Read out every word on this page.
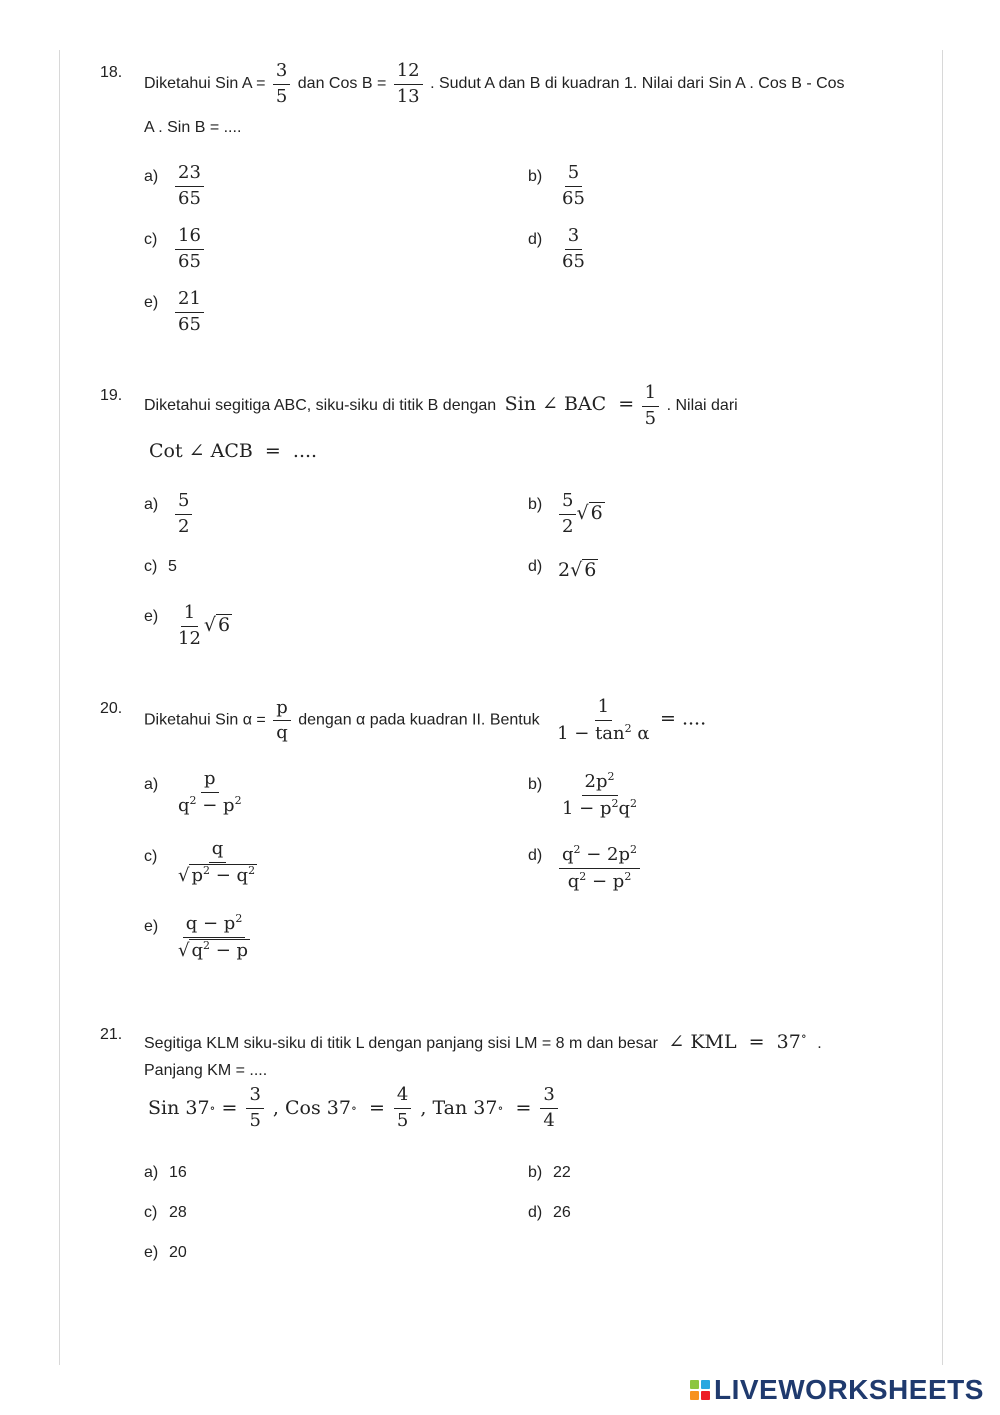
18.
Diketahui Sin $A = \frac{3}{5}$ dan Cos $B = \frac{12}{13}$ . Sudut A dan B di kuadran 1. Nilai dari Sin A . Cos B - Cos
A . Sin B = ....
$a) \frac{23}{65}$	$b) \frac{5}{65}$
$c) \frac{16}{65}$	$d) \frac{3}{65}$
$e) \frac{21}{65}$
19.
Diketahui segitiga ABC, siku-siku di titik B dengan Sin ∠ BAC  = $\frac{1}{5}$ . Nilai dari
Cot ∠ ACB  =  ....
$a) \frac{5}{2}$	$b) \frac{5}{2}$ √ 6
c) 5	d) 2 √ 6
$e) \frac{1}{12}$ √ 6
20.
Diketahui Sin $\alpha = \frac{p}{q}$ dengan α pada kuadran II. Bentuk $\frac{1}{1 - \tan^2 \alpha}$ = ....
$a) \frac{p}{q^2 - p^2}$	$b) \frac{2p^2}{1 - p^2q^2}$
$c) \frac{q}{√ p^2 - q^2}$	$d) \frac{q^2 - 2p^2}{q^2 - p^2}$
$e) \frac{q - p^2}{√ q^2 - p}$
21.
Segitiga KLM siku-siku di titik L dengan panjang sisi LM = 8 m dan besar ∠ KML  =  37∘ .
Panjang KM = ....
Sin 37 ∘ = $\frac{3}{5}$ , Cos 37 ∘ = $\frac{4}{5}$ , Tan 37 ∘ = $\frac{3}{4}$
a) 16	b) 22
c) 28	d) 26
e) 20
LIVEWORKSHEETS
